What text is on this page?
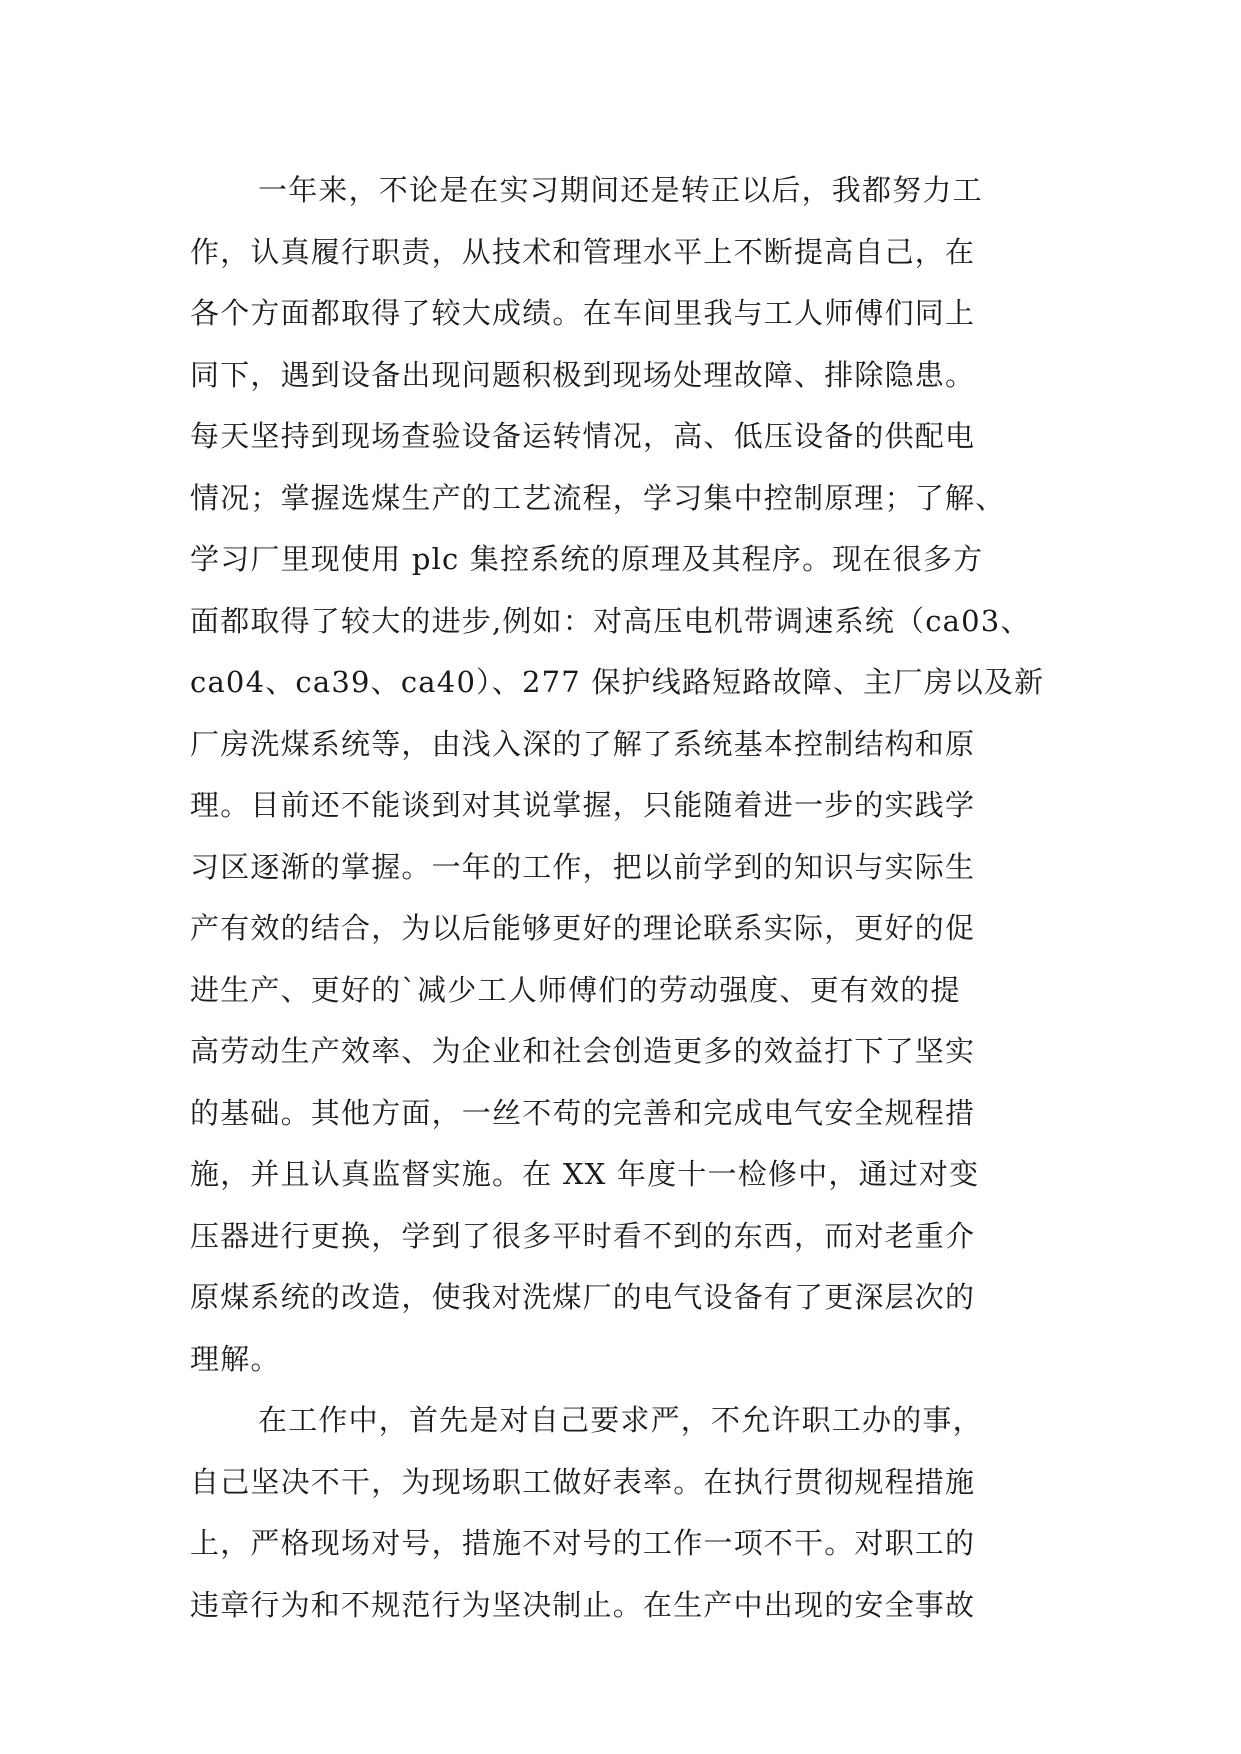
一年来，不论是在实习期间还是转正以后，我都努力工
作，认真履行职责，从技术和管理水平上不断提高自己，在
各个方面都取得了较大成绩。在车间里我与工人师傅们同上
同下，遇到设备出现问题积极到现场处理故障、排除隐患。
每天坚持到现场查验设备运转情况，高、低压设备的供配电
情况；掌握选煤生产的工艺流程，学习集中控制原理；了解、
学习厂里现使用 plc 集控系统的原理及其程序。现在很多方
面都取得了较大的进步,例如：对高压电机带调速系统（ca03、
ca04、ca39、ca40）、277 保护线路短路故障、主厂房以及新
厂房洗煤系统等，由浅入深的了解了系统基本控制结构和原
理。目前还不能谈到对其说掌握，只能随着进一步的实践学
习区逐渐的掌握。一年的工作，把以前学到的知识与实际生
产有效的结合，为以后能够更好的理论联系实际，更好的促
进生产、更好的`减少工人师傅们的劳动强度、更有效的提
高劳动生产效率、为企业和社会创造更多的效益打下了坚实
的基础。其他方面，一丝不苟的完善和完成电气安全规程措
施，并且认真监督实施。在 XX 年度十一检修中，通过对变
压器进行更换，学到了很多平时看不到的东西，而对老重介
原煤系统的改造，使我对洗煤厂的电气设备有了更深层次的
理解。
在工作中，首先是对自己要求严，不允许职工办的事，
自己坚决不干，为现场职工做好表率。在执行贯彻规程措施
上，严格现场对号，措施不对号的工作一项不干。对职工的
违章行为和不规范行为坚决制止。在生产中出现的安全事故
